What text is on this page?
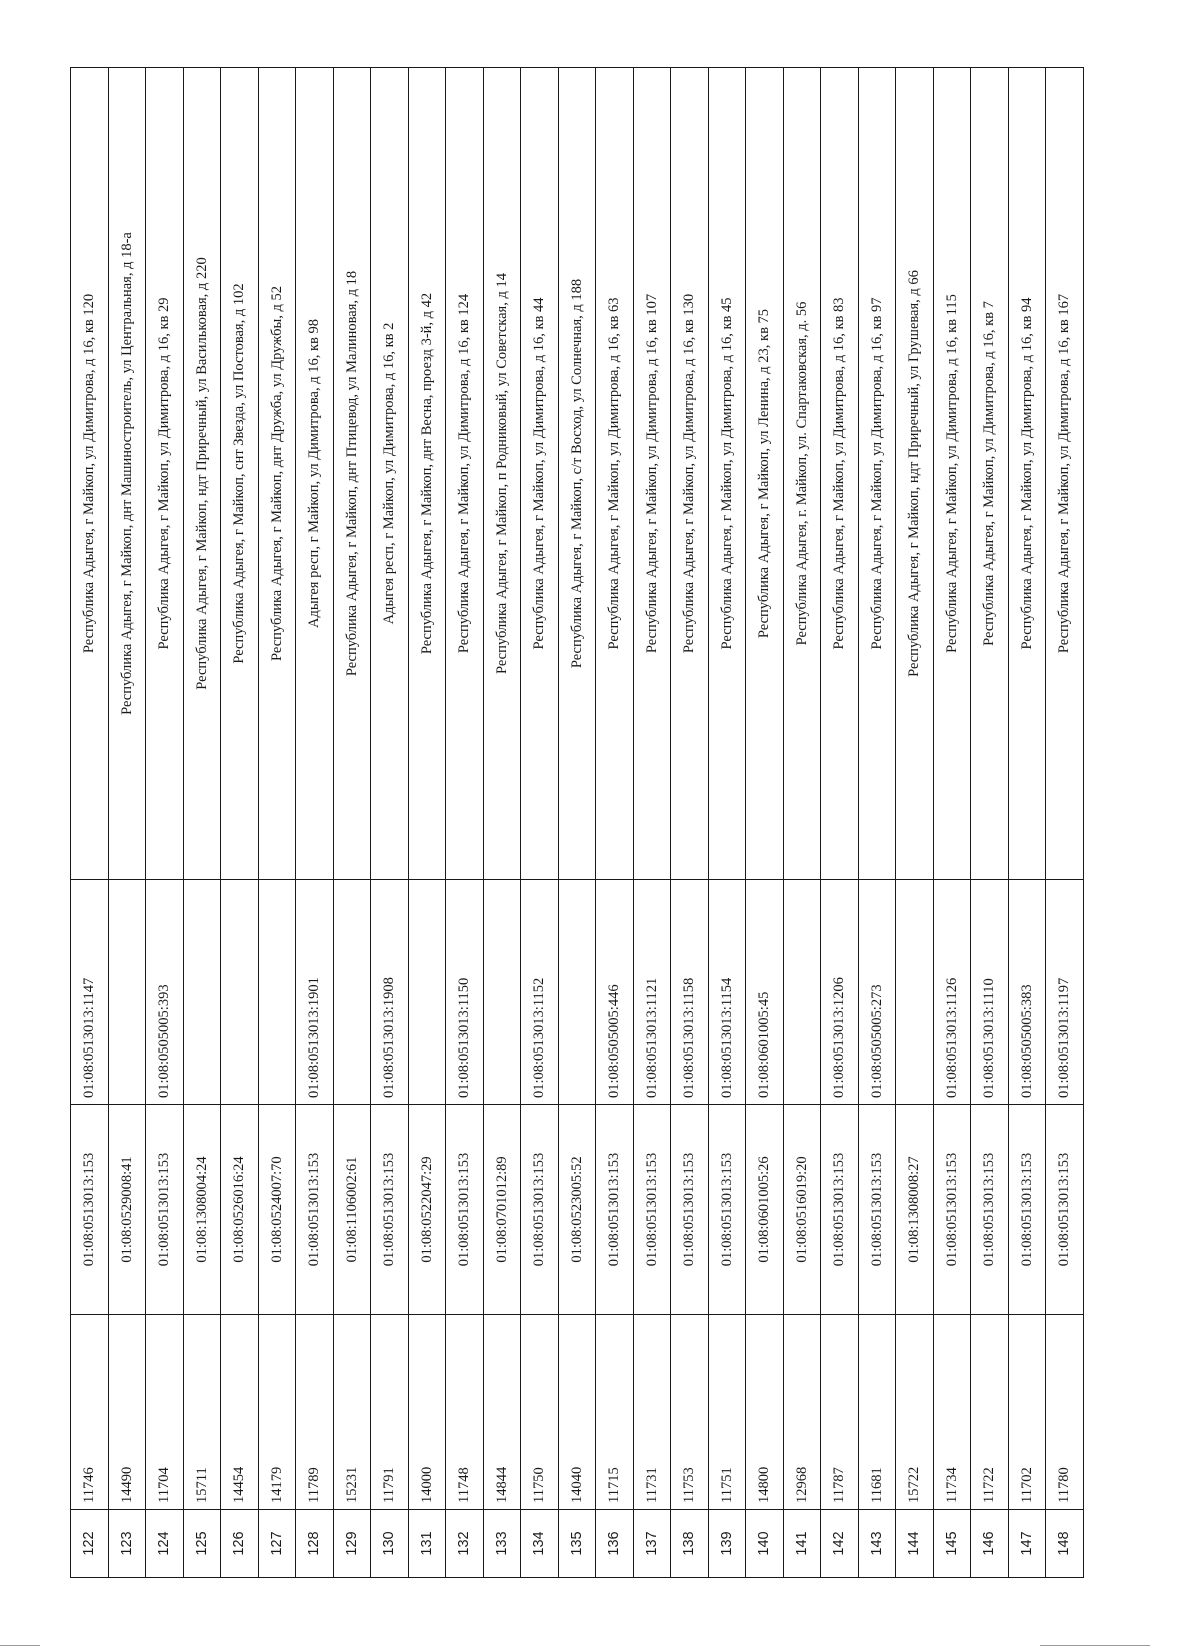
122	11746	01:08:0513013:153	01:08:0513013:1147	Республика Адыгея, г Майкоп, ул Димитрова, д 16, кв 120
123	14490	01:08:0529008:41		Республика Адыгея, г Майкоп, днт Машиностроитель, ул Центральная, д 18-а
124	11704	01:08:0513013:153	01:08:0505005:393	Республика Адыгея, г Майкоп, ул Димитрова, д 16, кв 29
125	15711	01:08:1308004:24		Республика Адыгея, г Майкоп, ндт Приречный, ул Васильковая, д 220
126	14454	01:08:0526016:24		Республика Адыгея, г Майкоп, снт Звезда, ул Постовая, д 102
127	14179	01:08:0524007:70		Республика Адыгея, г Майкоп, днт Дружба, ул Дружбы, д 52
128	11789	01:08:0513013:153	01:08:0513013:1901	Адыгея респ, г Майкоп, ул Димитрова, д 16, кв 98
129	15231	01:08:1106002:61		Республика Адыгея, г Майкоп, днт Птицевод, ул Малиновая, д 18
130	11791	01:08:0513013:153	01:08:0513013:1908	Адыгея респ, г Майкоп, ул Димитрова, д 16, кв 2
131	14000	01:08:0522047:29		Республика Адыгея, г Майкоп, днт Весна, проезд 3-й, д 42
132	11748	01:08:0513013:153	01:08:0513013:1150	Республика Адыгея, г Майкоп, ул Димитрова, д 16, кв 124
133	14844	01:08:0701012:89		Республика Адыгея, г Майкоп, п Родниковый, ул Советская, д 14
134	11750	01:08:0513013:153	01:08:0513013:1152	Республика Адыгея, г Майкоп, ул Димитрова, д 16, кв 44
135	14040	01:08:0523005:52		Республика Адыгея, г Майкоп, с/т Восход, ул Солнечная, д 188
136	11715	01:08:0513013:153	01:08:0505005:446	Республика Адыгея, г Майкоп, ул Димитрова, д 16, кв 63
137	11731	01:08:0513013:153	01:08:0513013:1121	Республика Адыгея, г Майкоп, ул Димитрова, д 16, кв 107
138	11753	01:08:0513013:153	01:08:0513013:1158	Республика Адыгея, г Майкоп, ул Димитрова, д 16, кв 130
139	11751	01:08:0513013:153	01:08:0513013:1154	Республика Адыгея, г Майкоп, ул Димитрова, д 16, кв 45
140	14800	01:08:0601005:26	01:08:0601005:45	Республика Адыгея, г Майкоп, ул Ленина, д 23, кв 75
141	12968	01:08:0516019:20		Республика Адыгея, г. Майкоп, ул. Спартаковская, д. 56
142	11787	01:08:0513013:153	01:08:0513013:1206	Республика Адыгея, г Майкоп, ул Димитрова, д 16, кв 83
143	11681	01:08:0513013:153	01:08:0505005:273	Республика Адыгея, г Майкоп, ул Димитрова, д 16, кв 97
144	15722	01:08:1308008:27		Республика Адыгея, г Майкоп, ндт Приречный, ул Грушевая, д 66
145	11734	01:08:0513013:153	01:08:0513013:1126	Республика Адыгея, г Майкоп, ул Димитрова, д 16, кв 115
146	11722	01:08:0513013:153	01:08:0513013:1110	Республика Адыгея, г Майкоп, ул Димитрова, д 16, кв 7
147	11702	01:08:0513013:153	01:08:0505005:383	Республика Адыгея, г Майкоп, ул Димитрова, д 16, кв 94
148	11780	01:08:0513013:153	01:08:0513013:1197	Республика Адыгея, г Майкоп, ул Димитрова, д 16, кв 167
